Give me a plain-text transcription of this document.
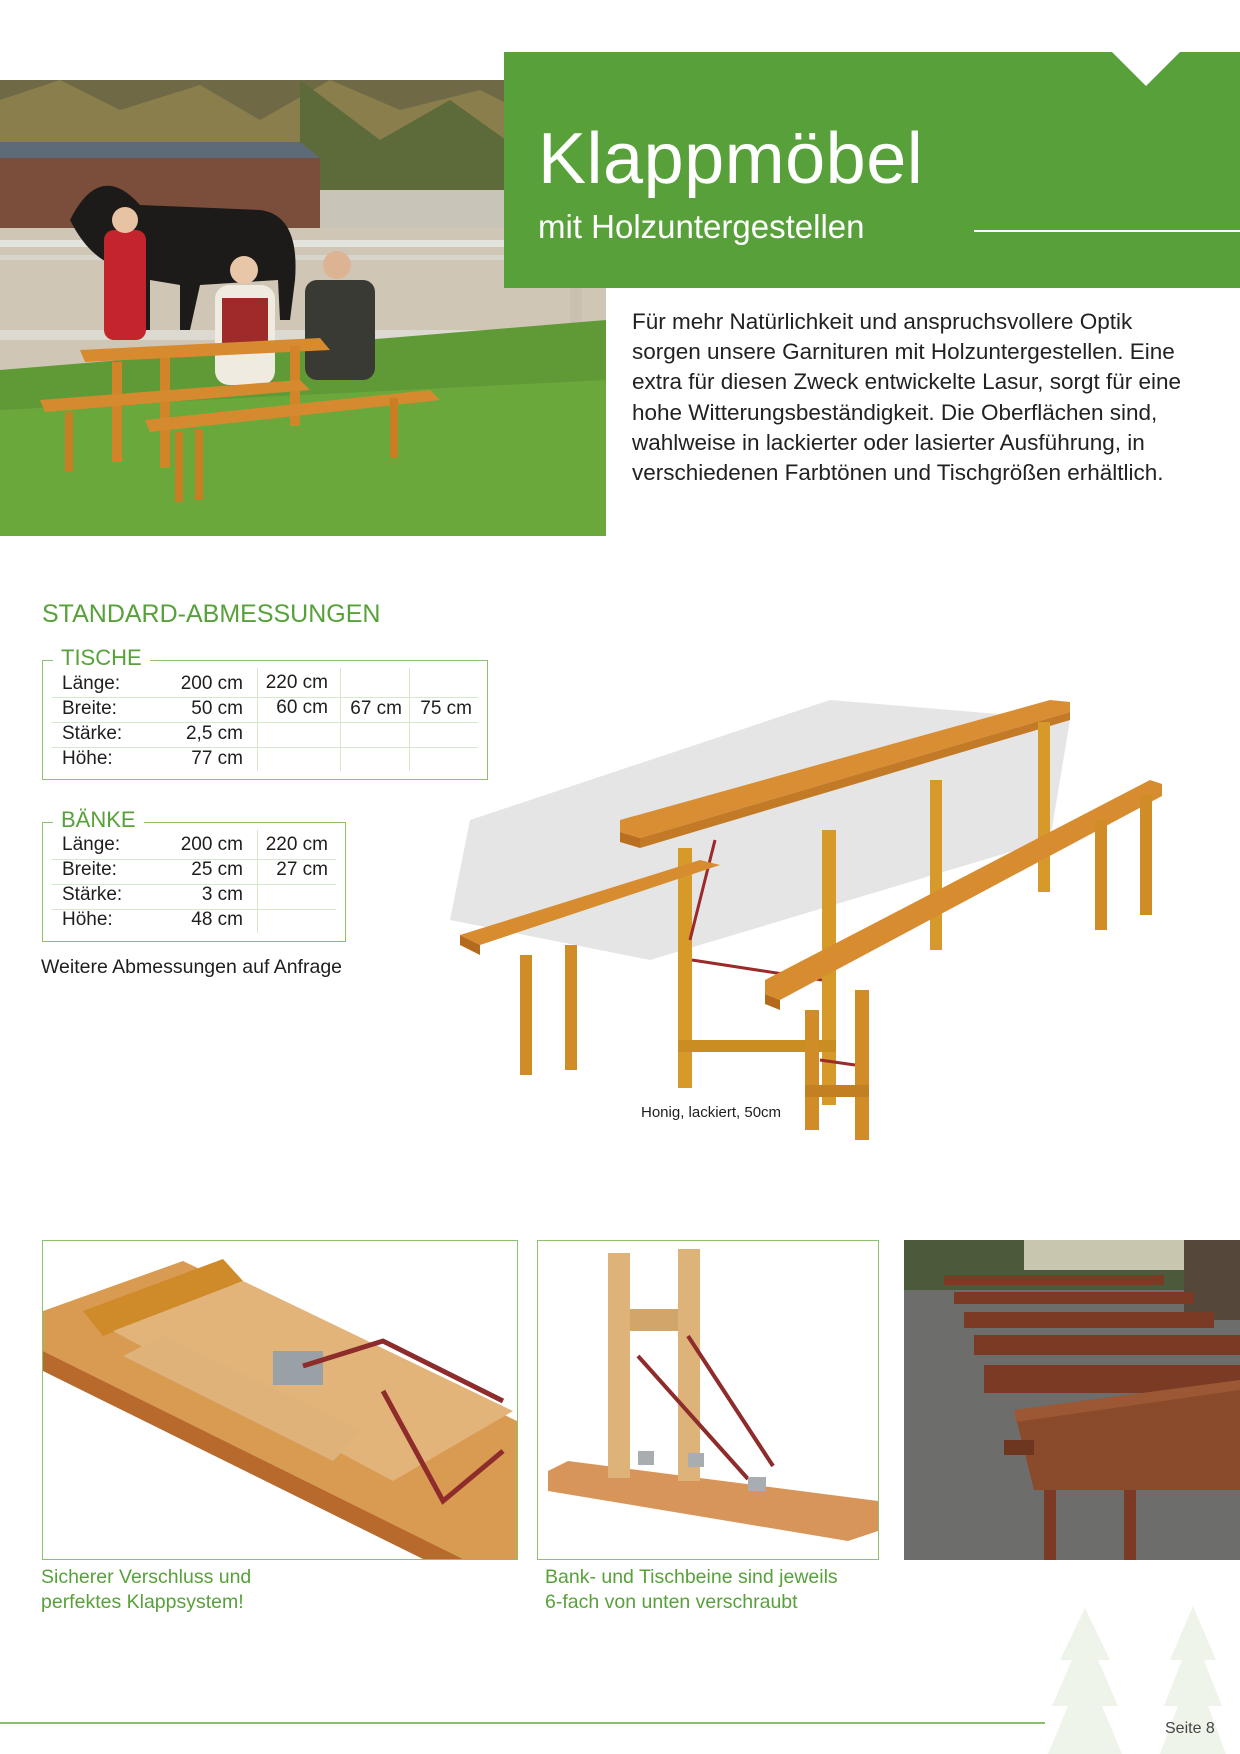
Klappmöbel
mit Holzuntergestellen
Für mehr Natürlichkeit und anspruchsvollere Optik
sorgen unsere Garnituren mit Holzuntergestellen. Eine
extra für diesen Zweck entwickelte Lasur, sorgt für eine
hohe Witterungsbeständigkeit. Die Oberflächen sind,
wahlweise in lackierter oder lasierter Ausführung, in
verschiedenen Farbtönen und Tischgrößen erhältlich.
STANDARD-ABMESSUNGEN
TISCHE
Länge:	200 cm	220 cm
Breite:	50 cm	60 cm	67 cm 75 cm
Stärke:	2,5 cm
Höhe:	77 cm
BÄNKE
Länge:	200 cm	220 cm
Breite:	25 cm	27 cm
Stärke:	3 cm
Höhe:	48 cm
Weitere Abmessungen auf Anfrage
Honig, lackiert, 50cm
Sicherer Verschluss und
perfektes Klappsystem!
Bank- und Tischbeine sind jeweils
6-fach von unten verschraubt
Seite 8
